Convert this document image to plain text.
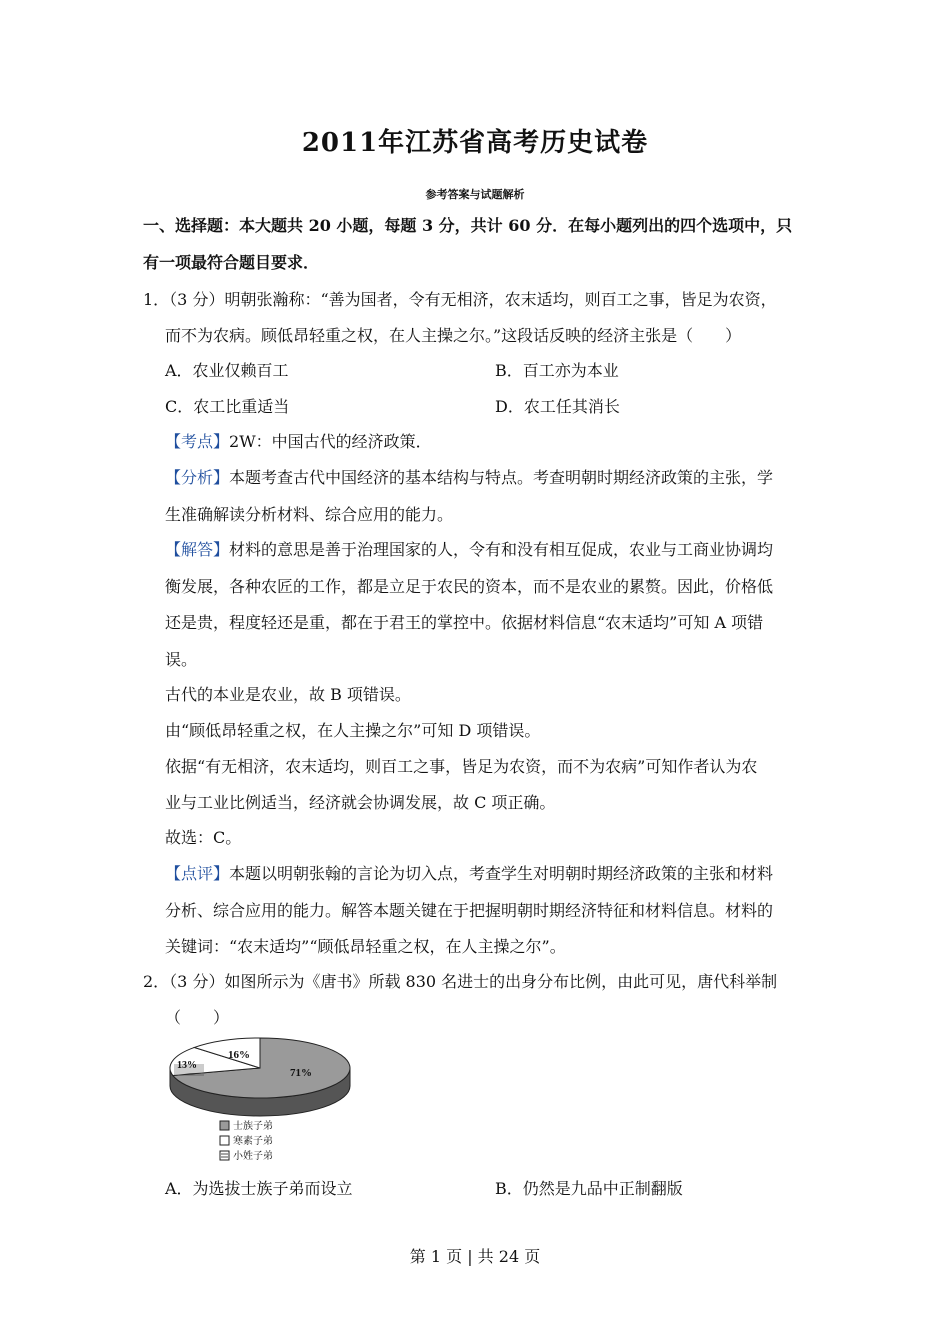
2011年江苏省高考历史试卷
参考答案与试题解析
一、选择题：本大题共 20 小题，每题 3 分，共计 60 分．在每小题列出的四个选项中，只
有一项最符合题目要求．
1．（3 分）明朝张瀚称：“善为国者，令有无相济，农末适均，则百工之事，皆足为农资，
而不为农病。顾低昂轻重之权，在人主操之尔。”这段话反映的经济主张是（　　）
A．农业仅赖百工	B．百工亦为本业
C．农工比重适当	D．农工任其消长
【考点】2W：中国古代的经济政策．
【分析】本题考查古代中国经济的基本结构与特点。考查明朝时期经济政策的主张，学
生准确解读分析材料、综合应用的能力。
【解答】材料的意思是善于治理国家的人，令有和没有相互促成，农业与工商业协调均
衡发展，各种农匠的工作，都是立足于农民的资本，而不是农业的累赘。因此，价格低
还是贵，程度轻还是重，都在于君王的掌控中。依据材料信息“农末适均”可知 A 项错
误。
古代的本业是农业，故 B 项错误。
由“顾低昂轻重之权，在人主操之尔”可知 D 项错误。
依据“有无相济，农末适均，则百工之事，皆足为农资，而不为农病”可知作者认为农
业与工业比例适当，经济就会协调发展，故 C 项正确。
故选：C。
【点评】本题以明朝张翰的言论为切入点，考查学生对明朝时期经济政策的主张和材料
分析、综合应用的能力。解答本题关键在于把握明朝时期经济特征和材料信息。材料的
关键词：“农末适均”“顾低昂轻重之权，在人主操之尔”。
2．（3 分）如图所示为《唐书》所载 830 名进士的出身分布比例，由此可见，唐代科举制
（　　）
71%
16%
13%
士族子弟
寒素子弟
小姓子弟
A．为选拔士族子弟而设立	B．仍然是九品中正制翻版
第 1 页 | 共 24 页
